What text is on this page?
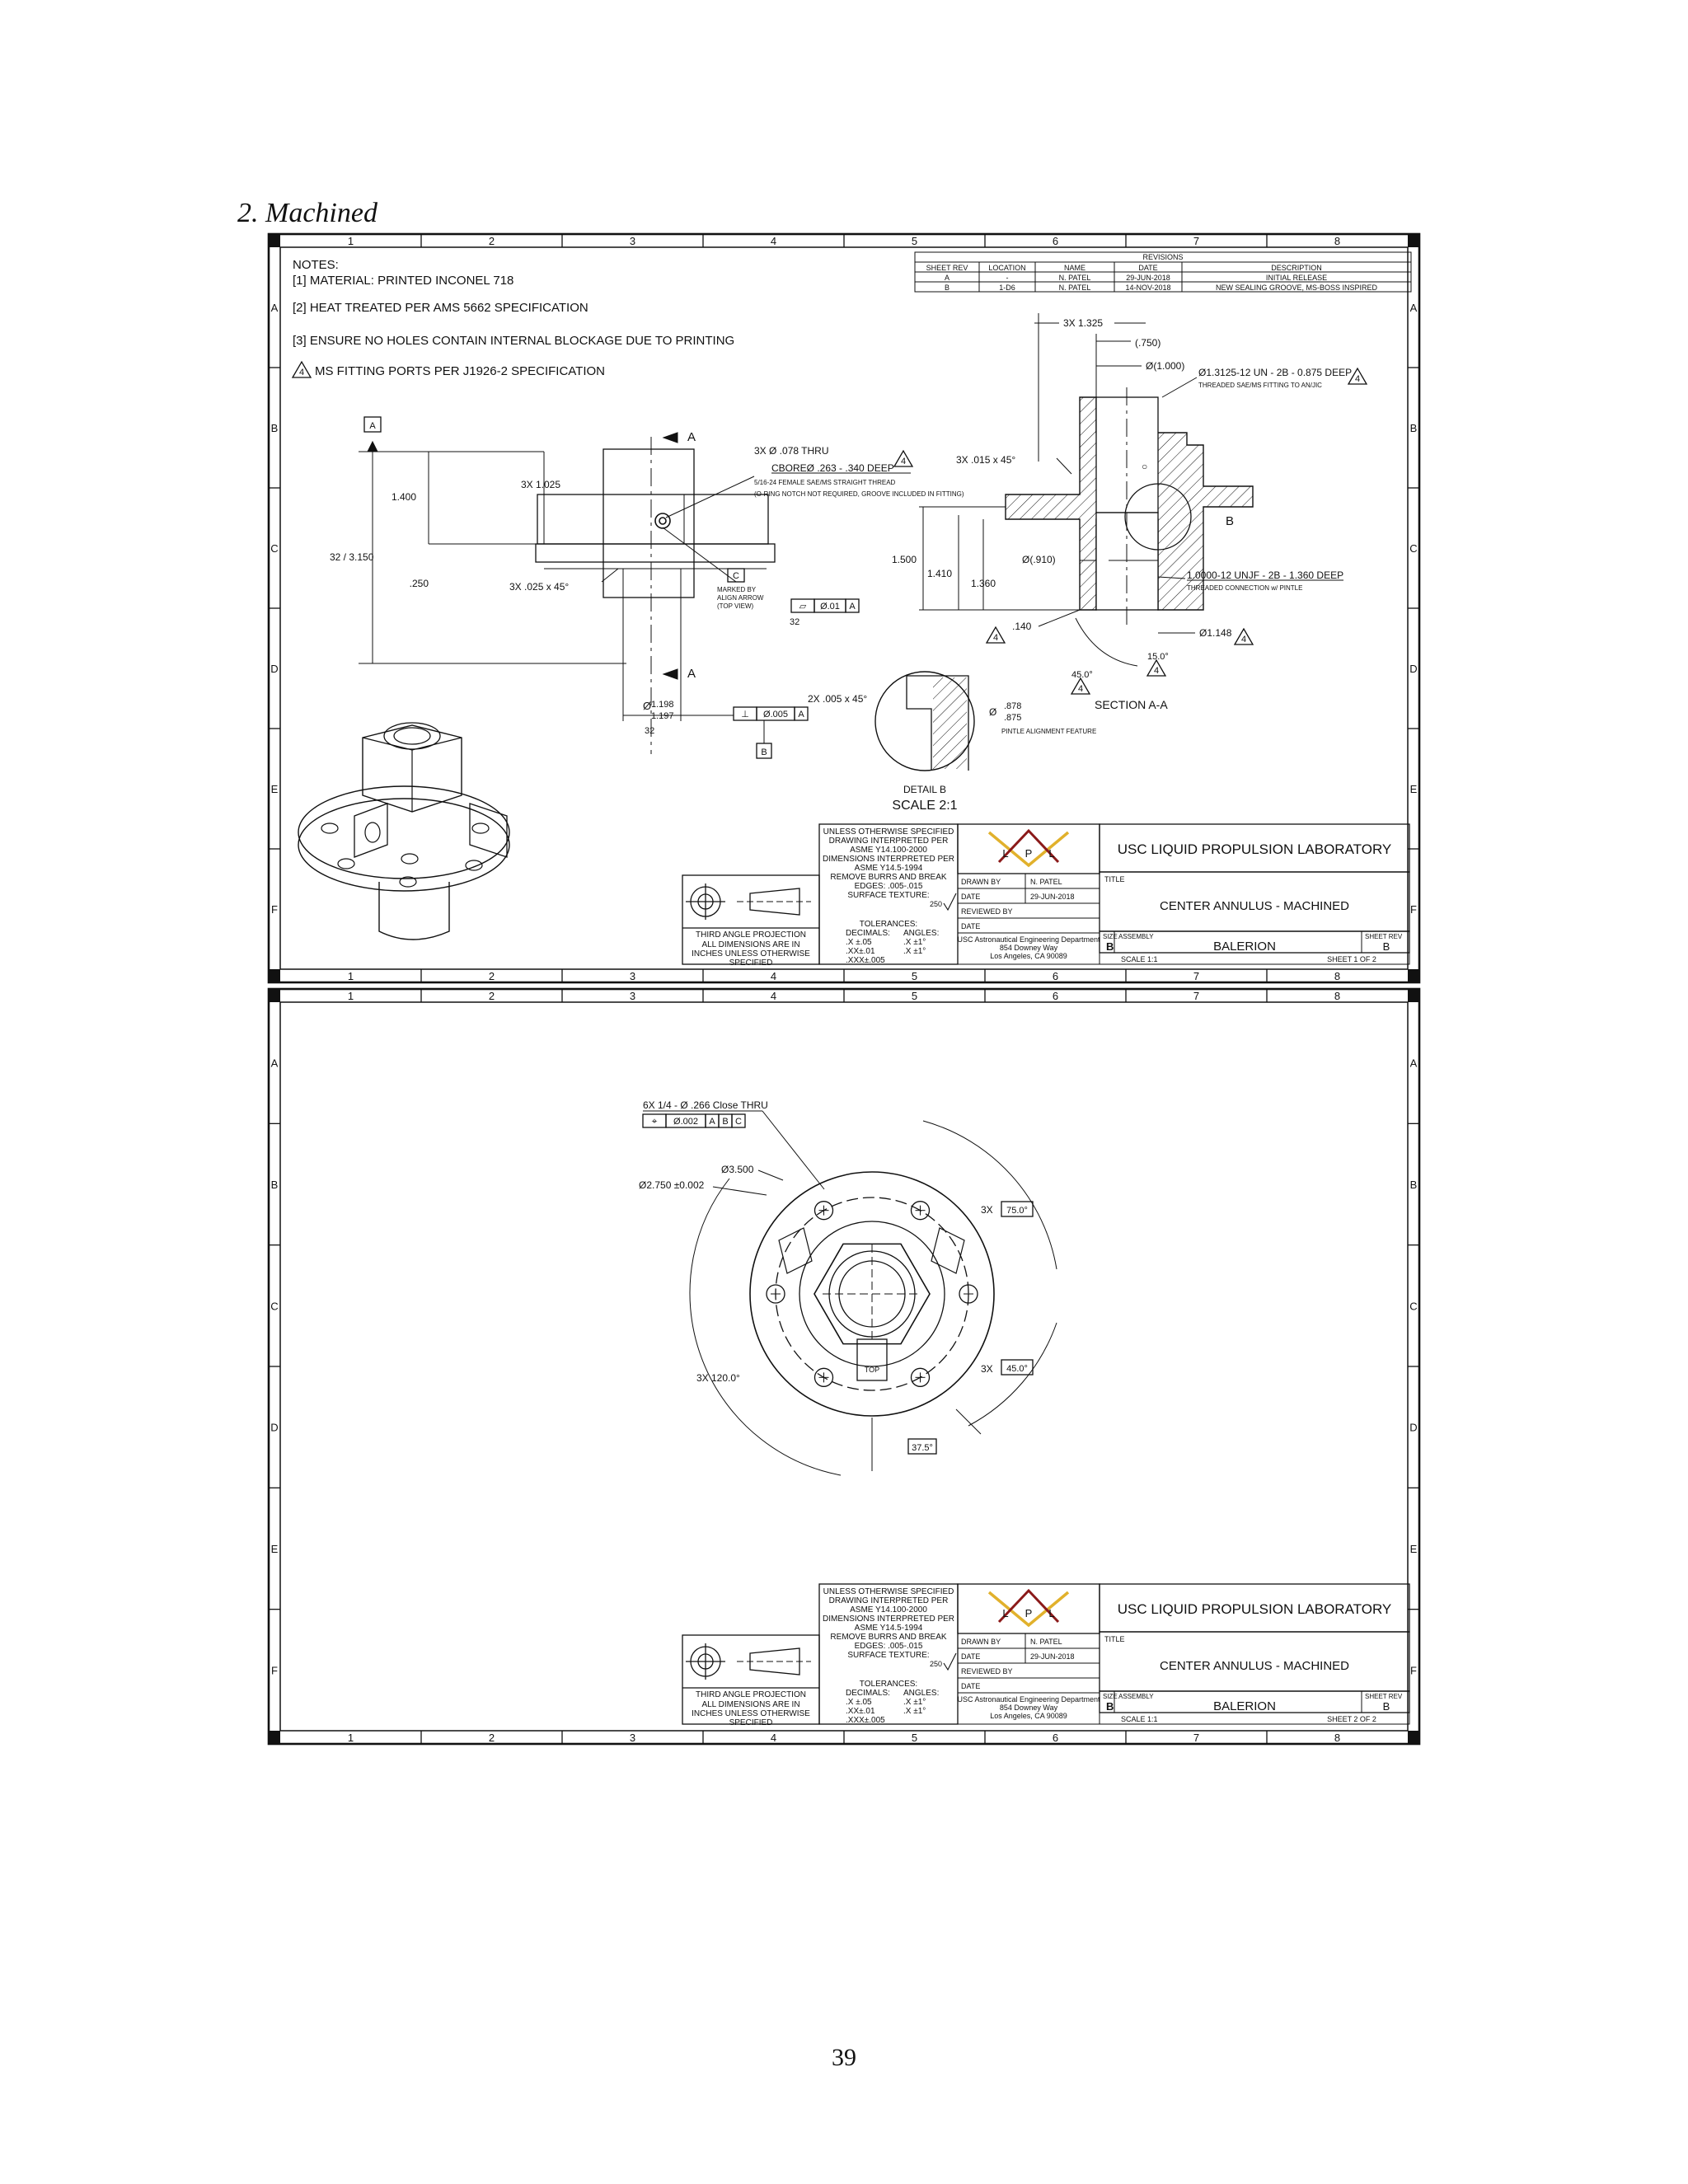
2. Machined
1
1
2
2
3
3
4
4
5
5
6
6
7
7
8
8
A	A
B	B
C	C
D	D
E	E
F	F
NOTES:
[1] MATERIAL: PRINTED INCONEL 718
[2] HEAT TREATED PER AMS 5662 SPECIFICATION
[3] ENSURE NO HOLES CONTAIN INTERNAL BLOCKAGE DUE TO PRINTING
4 MS FITTING PORTS PER J1926-2 SPECIFICATION
REVISIONS
SHEET REV	LOCATION	NAME	DATE	DESCRIPTION
A	-	N. PATEL	29-JUN-2018	INITIAL RELEASE
B	1-D6	N. PATEL	14-NOV-2018	NEW SEALING GROOVE, MS-BOSS INSPIRED
A
32 / 3.150
1.400
3X 1.025
.250	3X .025 x 45°
A
A
3X Ø .078 THRU
4
CBOREØ .263 - .340 DEEP
5/16-24 FEMALE SAE/MS STRAIGHT THREAD
(O-RING NOTCH NOT REQUIRED, GROOVE INCLUDED IN FITTING)
C
MARKED BY
ALIGN ARROW
(TOP VIEW)	▱ Ø.01 A
32
Ø 1.198
1.197
32
⊥ Ø.005 A
B
2X .005 x 45°
○
B
3X 1.325
(.750)
Ø(1.000)
Ø1.3125-12 UN - 2B - 0.875 DEEP
4
THREADED SAE/MS FITTING TO AN/JIC
3X .015 x 45°
1.500
1.410
1.360
Ø(.910)
1.0000-12 UNJF - 2B - 1.360 DEEP
THREADED CONNECTION w/ PINTLE
4
.140
Ø1.148
4
15.0°
4
45.0°
4
SECTION A-A
.878
.875
Ø
PINTLE ALIGNMENT FEATURE
DETAIL B
SCALE 2:1
THIRD ANGLE PROJECTION
ALL DIMENSIONS ARE IN
INCHES UNLESS OTHERWISE
SPECIFIED
UNLESS OTHERWISE SPECIFIED
DRAWING INTERPRETED PER
ASME Y14.100-2000
DIMENSIONS INTERPRETED PER
ASME Y14.5-1994
REMOVE BURRS AND BREAK
EDGES: .005-.015
SURFACE TEXTURE:
250
TOLERANCES:
DECIMALS: ANGLES:
.X ±.05	.X ±1°
.XX±.01	.X ±1°
.XXX±.005
L P L
DRAWN BY	N. PATEL
DATE	29-JUN-2018
REVIEWED BY
DATE
USC Astronautical Engineering Department
854 Downey Way
Los Angeles, CA 90089
USC LIQUID PROPULSION LABORATORY
TITLE
CENTER ANNULUS - MACHINED
SIZE
B
ASSEMBLY
BALERION
SHEET REV
B
SCALE 1:1	SHEET 1 OF 2
1
1
2
2
3
3
4
4
5
5
6
6
7
7
8
8
A	A
B	B
C	C
D	D
E	E
F	F
TOP
6X 1/4 - Ø .266 Close THRU
⌖ Ø.002 A B C
Ø3.500
Ø2.750 ±0.002
3X 75.0°
3X 45.0°
3X 120.0°
37.5°
THIRD ANGLE PROJECTION
ALL DIMENSIONS ARE IN
INCHES UNLESS OTHERWISE
SPECIFIED
UNLESS OTHERWISE SPECIFIED
DRAWING INTERPRETED PER
ASME Y14.100-2000
DIMENSIONS INTERPRETED PER
ASME Y14.5-1994
REMOVE BURRS AND BREAK
EDGES: .005-.015
SURFACE TEXTURE:
250
TOLERANCES:
DECIMALS: ANGLES:
.X ±.05	.X ±1°
.XX±.01	.X ±1°
.XXX±.005
L P L
DRAWN BY	N. PATEL
DATE	29-JUN-2018
REVIEWED BY
DATE
USC Astronautical Engineering Department
854 Downey Way
Los Angeles, CA 90089
USC LIQUID PROPULSION LABORATORY
TITLE
CENTER ANNULUS - MACHINED
SIZE
B
ASSEMBLY
BALERION
SHEET REV
B
SCALE 1:1	SHEET 2 OF 2
39
